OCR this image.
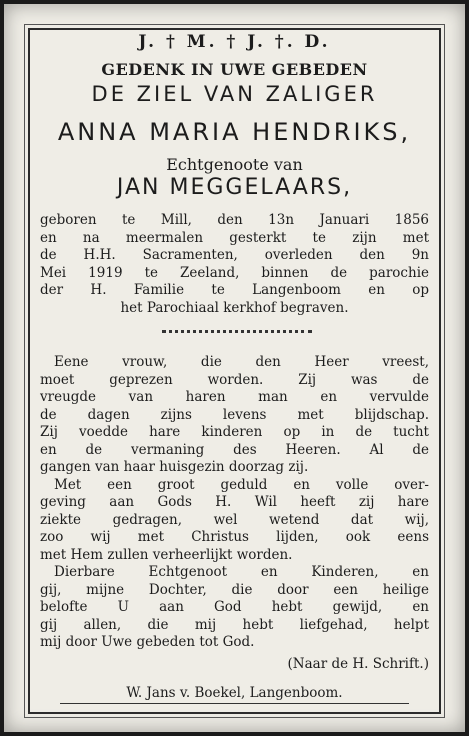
J. † M. † J. †. D.
GEDENK IN UWE GEBEDEN
DE ZIEL VAN ZALIGER
ANNA MARIA HENDRIKS,
Echtgenoote van
JAN MEGGELAARS,
geboren te Mill, den 13n Januari 1856
en na meermalen gesterkt te zijn met
de H.H. Sacramenten, overleden den 9n
Mei 1919 te Zeeland, binnen de parochie
der H. Familie te Langenboom en op
het Parochiaal kerkhof begraven.
Eene vrouw, die den Heer vreest,
moet geprezen worden. Zij was de
vreugde van haren man en vervulde
de dagen zijns levens met blijdschap.
Zij voedde hare kinderen op in de tucht
en de vermaning des Heeren. Al de
gangen van haar huisgezin doorzag zij.
Met een groot geduld en volle over-
geving aan Gods H. Wil heeft zij hare
ziekte gedragen, wel wetend dat wij,
zoo wij met Christus lijden, ook eens
met Hem zullen verheerlijkt worden.
Dierbare Echtgenoot en Kinderen, en
gij, mijne Dochter, die door een heilige
belofte U aan God hebt gewijd, en
gij allen, die mij hebt liefgehad, helpt
mij door Uwe gebeden tot God.
(Naar de H. Schrift.)
W. Jans v. Boekel, Langenboom.
